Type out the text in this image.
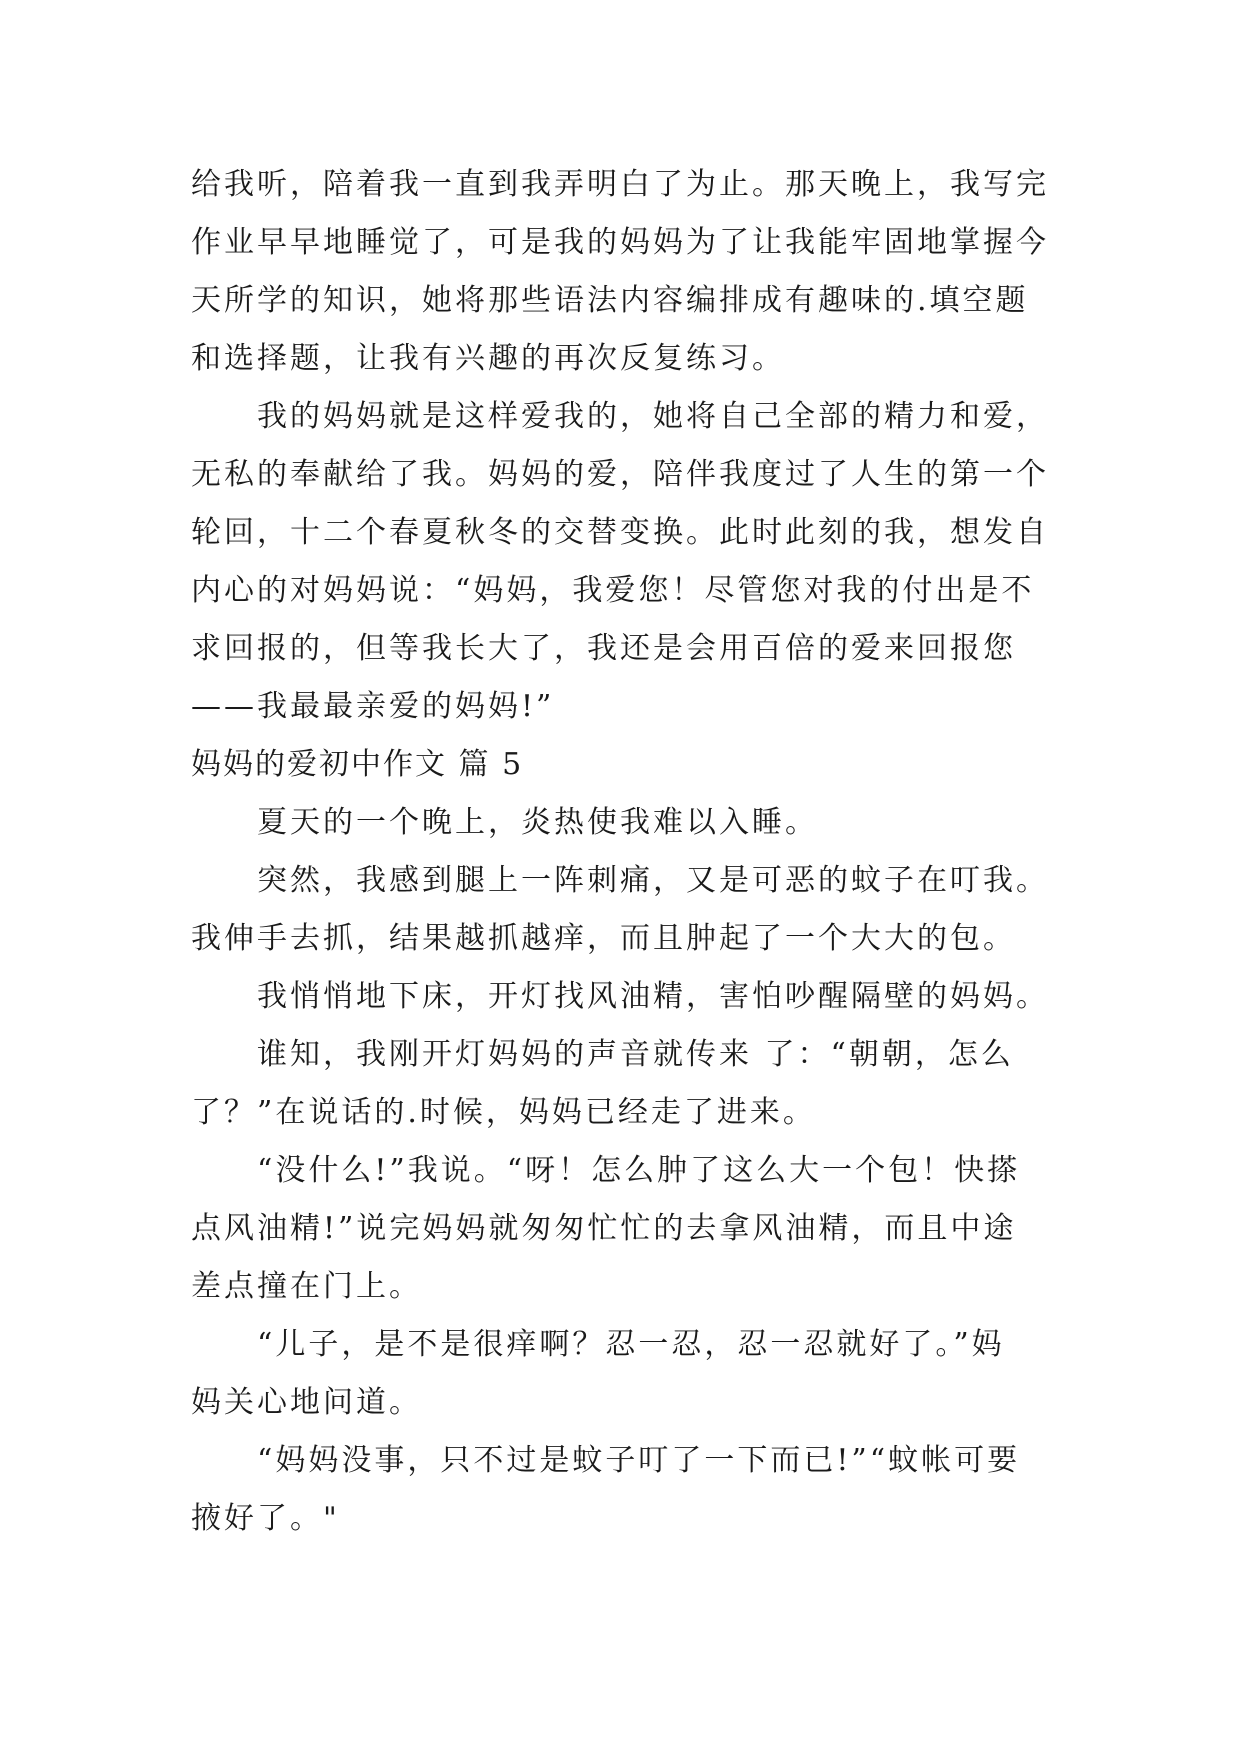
给我听，陪着我一直到我弄明白了为止。那天晚上，我写完
作业早早地睡觉了，可是我的妈妈为了让我能牢固地掌握今
天所学的知识，她将那些语法内容编排成有趣味的.填空题
和选择题，让我有兴趣的再次反复练习。
我的妈妈就是这样爱我的，她将自己全部的精力和爱，
无私的奉献给了我。妈妈的爱，陪伴我度过了人生的第一个
轮回，十二个春夏秋冬的交替变换。此时此刻的我，想发自
内心的对妈妈说：“妈妈，我爱您！尽管您对我的付出是不
求回报的，但等我长大了，我还是会用百倍的爱来回报您
——我最最亲爱的妈妈!”
妈妈的爱初中作文 篇 5
夏天的一个晚上，炎热使我难以入睡。
突然，我感到腿上一阵刺痛，又是可恶的蚊子在叮我。
我伸手去抓，结果越抓越痒，而且肿起了一个大大的包。
我悄悄地下床，开灯找风油精，害怕吵醒隔壁的妈妈。
谁知，我刚开灯妈妈的声音就传来 了：“朝朝，怎么
了？”在说话的.时候，妈妈已经走了进来。
“没什么!”我说。“呀！怎么肿了这么大一个包！快搽
点风油精!”说完妈妈就匆匆忙忙的去拿风油精，而且中途
差点撞在门上。
“儿子，是不是很痒啊？忍一忍，忍一忍就好了。”妈
妈关心地问道。
“妈妈没事，只不过是蚊子叮了一下而已!”“蚊帐可要
掖好了。"
